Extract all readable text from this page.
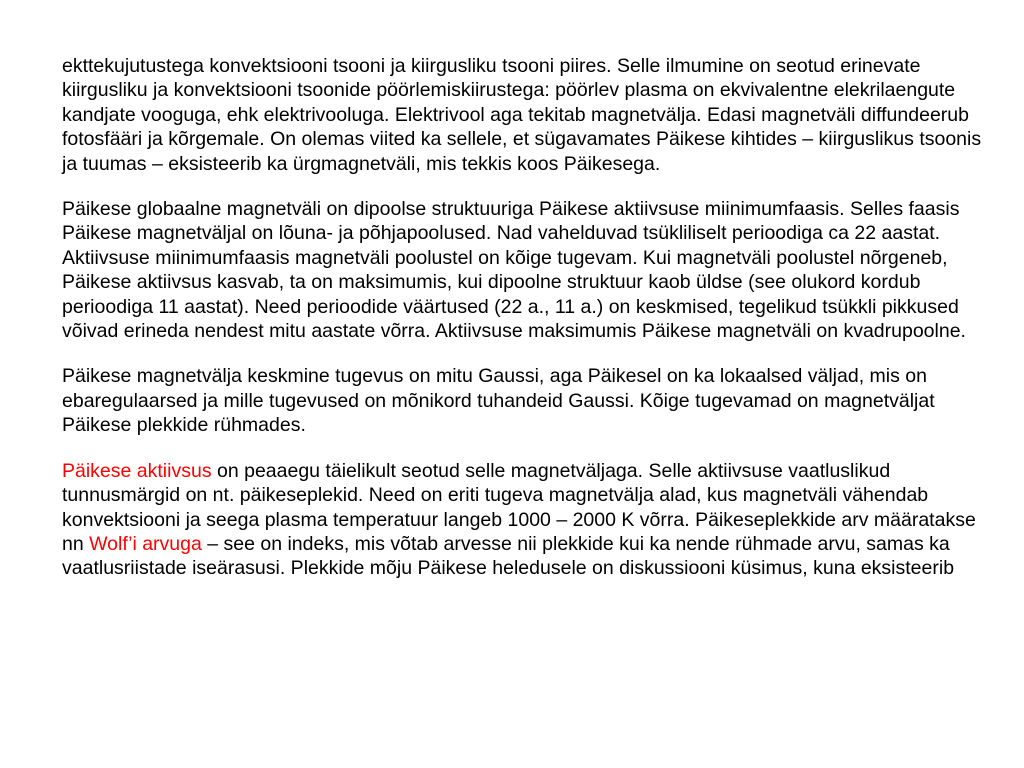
ekttekujutustega konvektsiooni tsooni ja kiirgusliku tsooni piires. Selle ilmumine on seotud erinevate kiirgusliku ja konvektsiooni tsoonide pöörlemiskiirustega: pöörlev plasma on ekvivalentne elekrilaengute kandjate vooguga, ehk elektrivooluga. Elektrivool aga tekitab magnetvälja. Edasi magnetväli diffundeerub fotosfääri ja kõrgemale. On olemas viited ka sellele, et sügavamates Päikese kihtides – kiirguslikus tsoonis ja tuumas – eksisteerib ka ürgmagnetväli, mis tekkis koos Päikesega.

Päikese globaalne magnetväli on dipoolse struktuuriga Päikese aktiivsuse miinimumfaasis. Selles faasis Päikese magnetväljal on lõuna- ja põhjapoolused. Nad vahelduvad tsükliliselt perioodiga ca 22 aastat. Aktiivsuse miinimumfaasis magnetväli poolustel on kõige tugevam. Kui magnetväli poolustel nõrgeneb, Päikese aktiivsus kasvab, ta on maksimumis, kui dipoolne struktuur kaob üldse (see olukord kordub perioodiga 11 aastat). Need perioodide väärtused (22 a., 11 a.) on keskmised, tegelikud tsükkli pikkused võivad erineda nendest mitu aastate võrra. Aktiivsuse maksimumis Päikese magnetväli on kvadrupoolne.

Päikese magnetvälja keskmine tugevus on mitu Gaussi, aga Päikesel on ka lokaalsed väljad, mis on ebaregulaarsed ja mille tugevused on mõnikord tuhandeid Gaussi. Kõige tugevamad on magnetväljat Päikese plekkide rühmades.

Päikese aktiivsus on peaaegu täielikult seotud selle magnetväljaga. Selle aktiivsuse vaatluslikud tunnusmärgid on nt. päikeseplekid. Need on eriti tugeva magnetvälja alad, kus magnetväli vähendab konvektsiooni ja seega plasma temperatuur langeb 1000 – 2000 K võrra. Päikeseplekkide arv määratakse nn Wolf’i arvuga – see on indeks, mis võtab arvesse nii plekkide kui ka nende rühmade arvu, samas ka vaatlusriistade iseärasusi. Plekkide mõju Päikese heledusele on diskussiooni küsimus, kuna eksisteerib
